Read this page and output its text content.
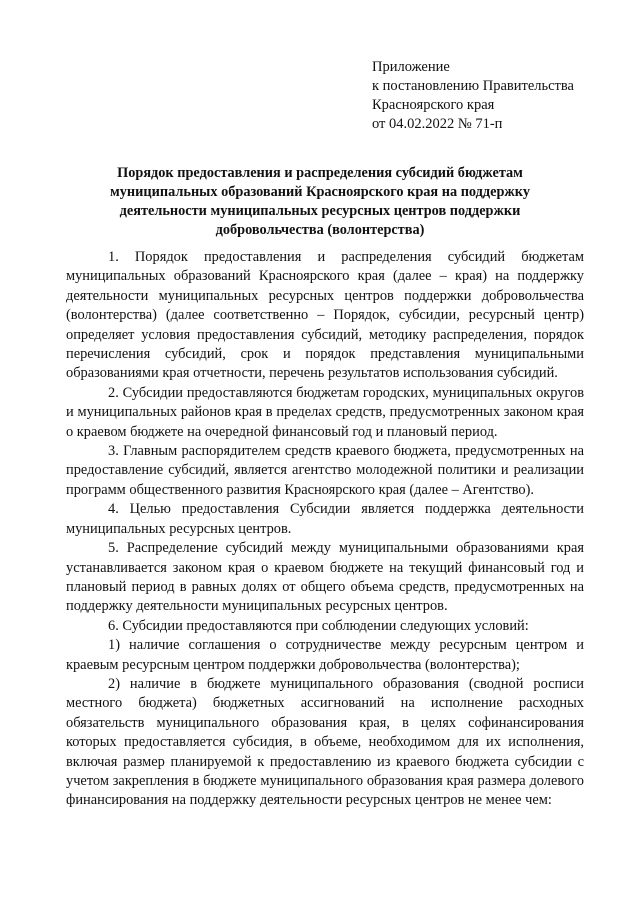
Приложение
к постановлению Правительства
Красноярского края
от 04.02.2022 № 71-п
Порядок предоставления и распределения субсидий бюджетам муниципальных образований Красноярского края на поддержку деятельности муниципальных ресурсных центров поддержки добровольчества (волонтерства)

1. Порядок предоставления и распределения субсидий бюджетам муниципальных образований Красноярского края (далее – края) на поддержку деятельности муниципальных ресурсных центров поддержки добровольчества (волонтерства) (далее соответственно – Порядок, субсидии, ресурсный центр) определяет условия предоставления субсидий, методику распределения, порядок перечисления субсидий, срок и порядок представления муниципальными образованиями края отчетности, перечень результатов использования субсидий.

2. Субсидии предоставляются бюджетам городских, муниципальных округов и муниципальных районов края в пределах средств, предусмотренных законом края о краевом бюджете на очередной финансовый год и плановый период.

3. Главным распорядителем средств краевого бюджета, предусмотренных на предоставление субсидий, является агентство молодежной политики и реализации программ общественного развития Красноярского края (далее – Агентство).

4. Целью предоставления Субсидии является поддержка деятельности муниципальных ресурсных центров.

5. Распределение субсидий между муниципальными образованиями края устанавливается законом края о краевом бюджете на текущий финансовый год и плановый период в равных долях от общего объема средств, предусмотренных на поддержку деятельности муниципальных ресурсных центров.

6. Субсидии предоставляются при соблюдении следующих условий:

1) наличие соглашения о сотрудничестве между ресурсным центром и краевым ресурсным центром поддержки добровольчества (волонтерства);

2) наличие в бюджете муниципального образования (сводной росписи местного бюджета) бюджетных ассигнований на исполнение расходных обязательств муниципального образования края, в целях софинансирования которых предоставляется субсидия, в объеме, необходимом для их исполнения, включая размер планируемой к предоставлению из краевого бюджета субсидии с учетом закрепления в бюджете муниципального образования края размера долевого финансирования на поддержку деятельности ресурсных центров не менее чем:
